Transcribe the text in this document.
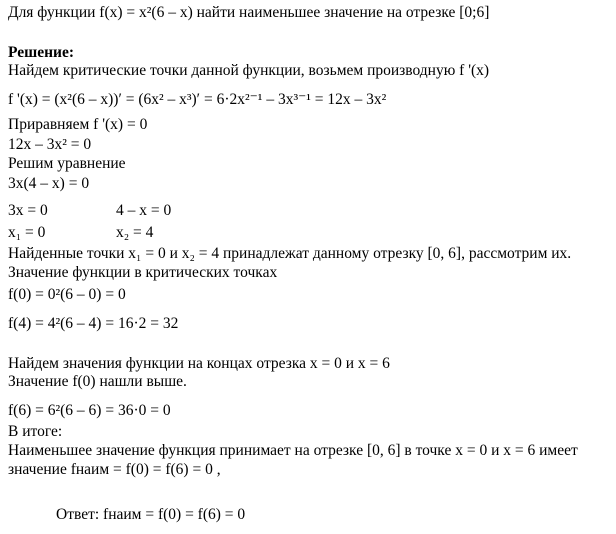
Для функции f(x) = x²(6 – x) найти наименьшее значение на отрезке [0;6]
Решение:
Найдем критические точки данной функции, возьмем производную f '(x)
f '(x) = (x²(6 – x))′ = (6x² – x³)′ = 6·2x²⁻¹ – 3x³⁻¹ = 12x – 3x²
Приравняем f '(x) = 0
12x – 3x² = 0
Решим уравнение
3x(4 – x) = 0
3x = 0	4 – x = 0
x₁ = 0	x₂ = 4
Найденные точки x₁ = 0 и x₂ = 4 принадлежат данному отрезку [0, 6], рассмотрим их.
Значение функции в критических точках
f(0) = 0²(6 – 0) = 0
f(4) = 4²(6 – 4) = 16·2 = 32
Найдем значения функции на концах отрезка x = 0 и x = 6
Значение f(0) нашли выше.
f(6) = 6²(6 – 6) = 36·0 = 0
В итоге:
Наименьшее значение функция принимает на отрезке [0, 6] в точке x = 0 и x = 6 имеет
значение fнаим = f(0) = f(6) = 0 ,
Ответ: fнаим = f(0) = f(6) = 0
